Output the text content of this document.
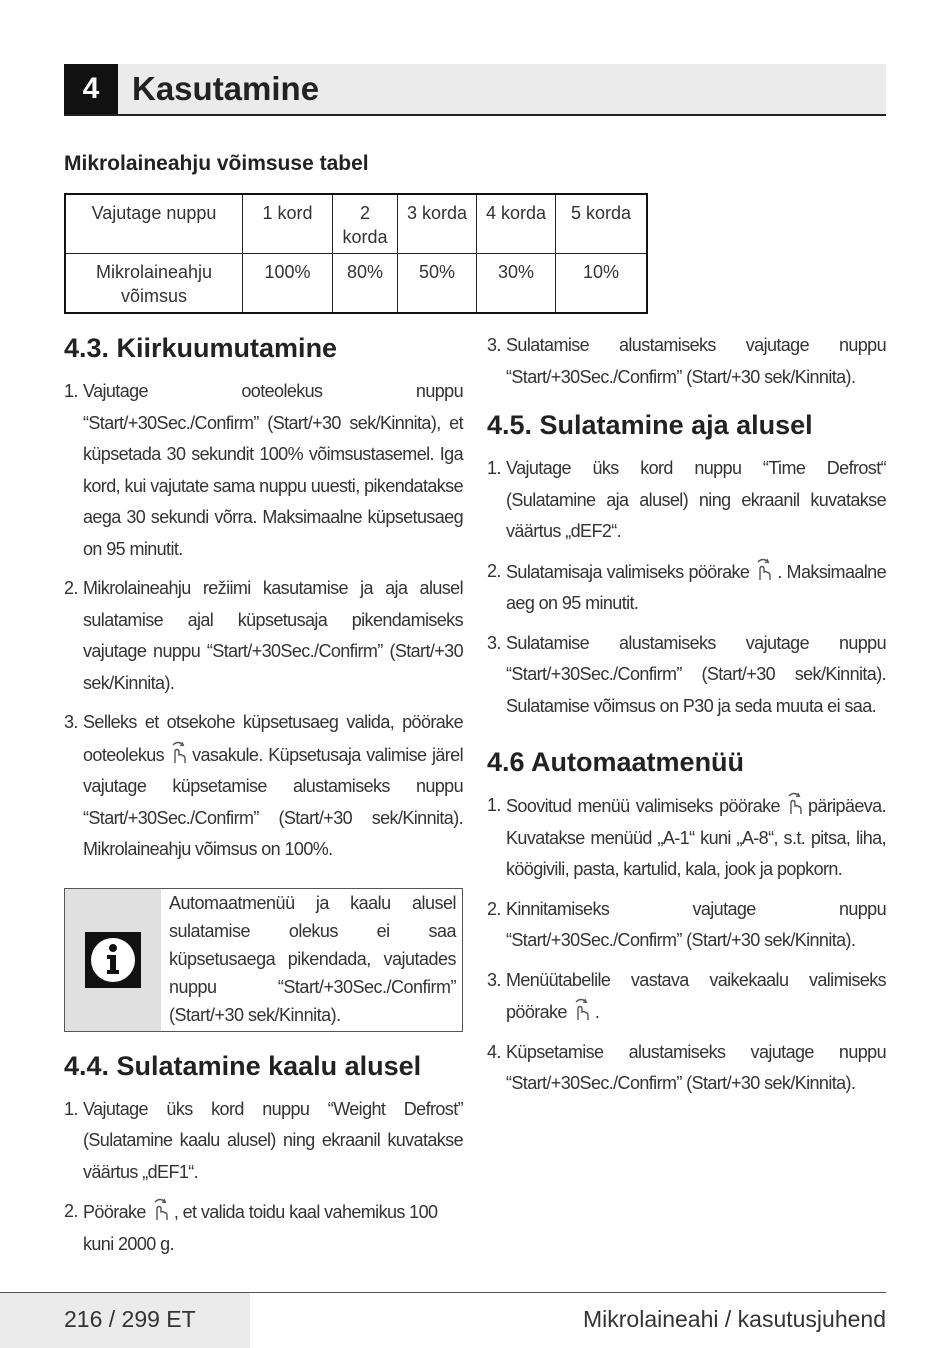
4 Kasutamine
Mikrolaineahju võimsuse tabel
Vajutage nuppu	1 kord	2 korda	3 korda	4 korda	5 korda
Mikrolaineahju võimsus	100%	80%	50%	30%	10%
4.3. Kiirkuumutamine
1. Vajutage ooteolekus nuppu “Start/+30Sec./Confirm” (Start/+30 sek/Kinnita), et küpsetada 30 sekundit 100% võimsustasemel. Iga kord, kui vajutate sama nuppu uuesti, pikendatakse aega 30 sekundi võrra. Maksimaalne küpsetusaeg on 95 minutit.
2. Mikrolaineahju režiimi kasutamise ja aja alusel sulatamise ajal küpsetusaja pikendamiseks vajutage nuppu “Start/+30Sec./Confirm” (Start/+30 sek/Kinnita).
3. Selleks et otsekohe küpsetusaeg valida, pöörake ooteolekus vasakule. Küpsetusaja valimise järel vajutage küpsetamise alustamiseks nuppu “Start/+30Sec./Confirm” (Start/+30 sek/Kinnita). Mikrolaineahju võimsus on 100%.
Automaatmenüü ja kaalu alusel sulatamise olekus ei saa küpsetusaega pikendada, vajutades nuppu “Start/+30Sec./Confirm” (Start/+30 sek/Kinnita).
4.4. Sulatamine kaalu alusel
1. Vajutage üks kord nuppu “Weight Defrost” (Sulatamine kaalu alusel) ning ekraanil kuvatakse väärtus „dEF1“.
2. Pöörake , et valida toidu kaal vahemikus 100 kuni 2000 g.
3. Sulatamise alustamiseks vajutage nuppu “Start/+30Sec./Confirm” (Start/+30 sek/Kinnita).
4.5. Sulatamine aja alusel
1. Vajutage üks kord nuppu “Time Defrost“ (Sulatamine aja alusel) ning ekraanil kuvatakse väärtus „dEF2“.
2. Sulatamisaja valimiseks pöörake . Maksimaalne aeg on 95 minutit.
3. Sulatamise alustamiseks vajutage nuppu “Start/+30Sec./Confirm” (Start/+30 sek/Kinnita). Sulatamise võimsus on P30 ja seda muuta ei saa.
4.6 Automaatmenüü
1. Soovitud menüü valimiseks pöörake päripäeva. Kuvatakse menüüd „A-1“ kuni „A-8“, s.t. pitsa, liha, köögivili, pasta, kartulid, kala, jook ja popkorn.
2. Kinnitamiseks vajutage nuppu “Start/+30Sec./Confirm” (Start/+30 sek/Kinnita).
3. Menüütabelile vastava vaikekaalu valimiseks pöörake .
4. Küpsetamise alustamiseks vajutage nuppu “Start/+30Sec./Confirm” (Start/+30 sek/Kinnita).
216 / 299 ET	Mikrolaineahi / kasutusjuhend
